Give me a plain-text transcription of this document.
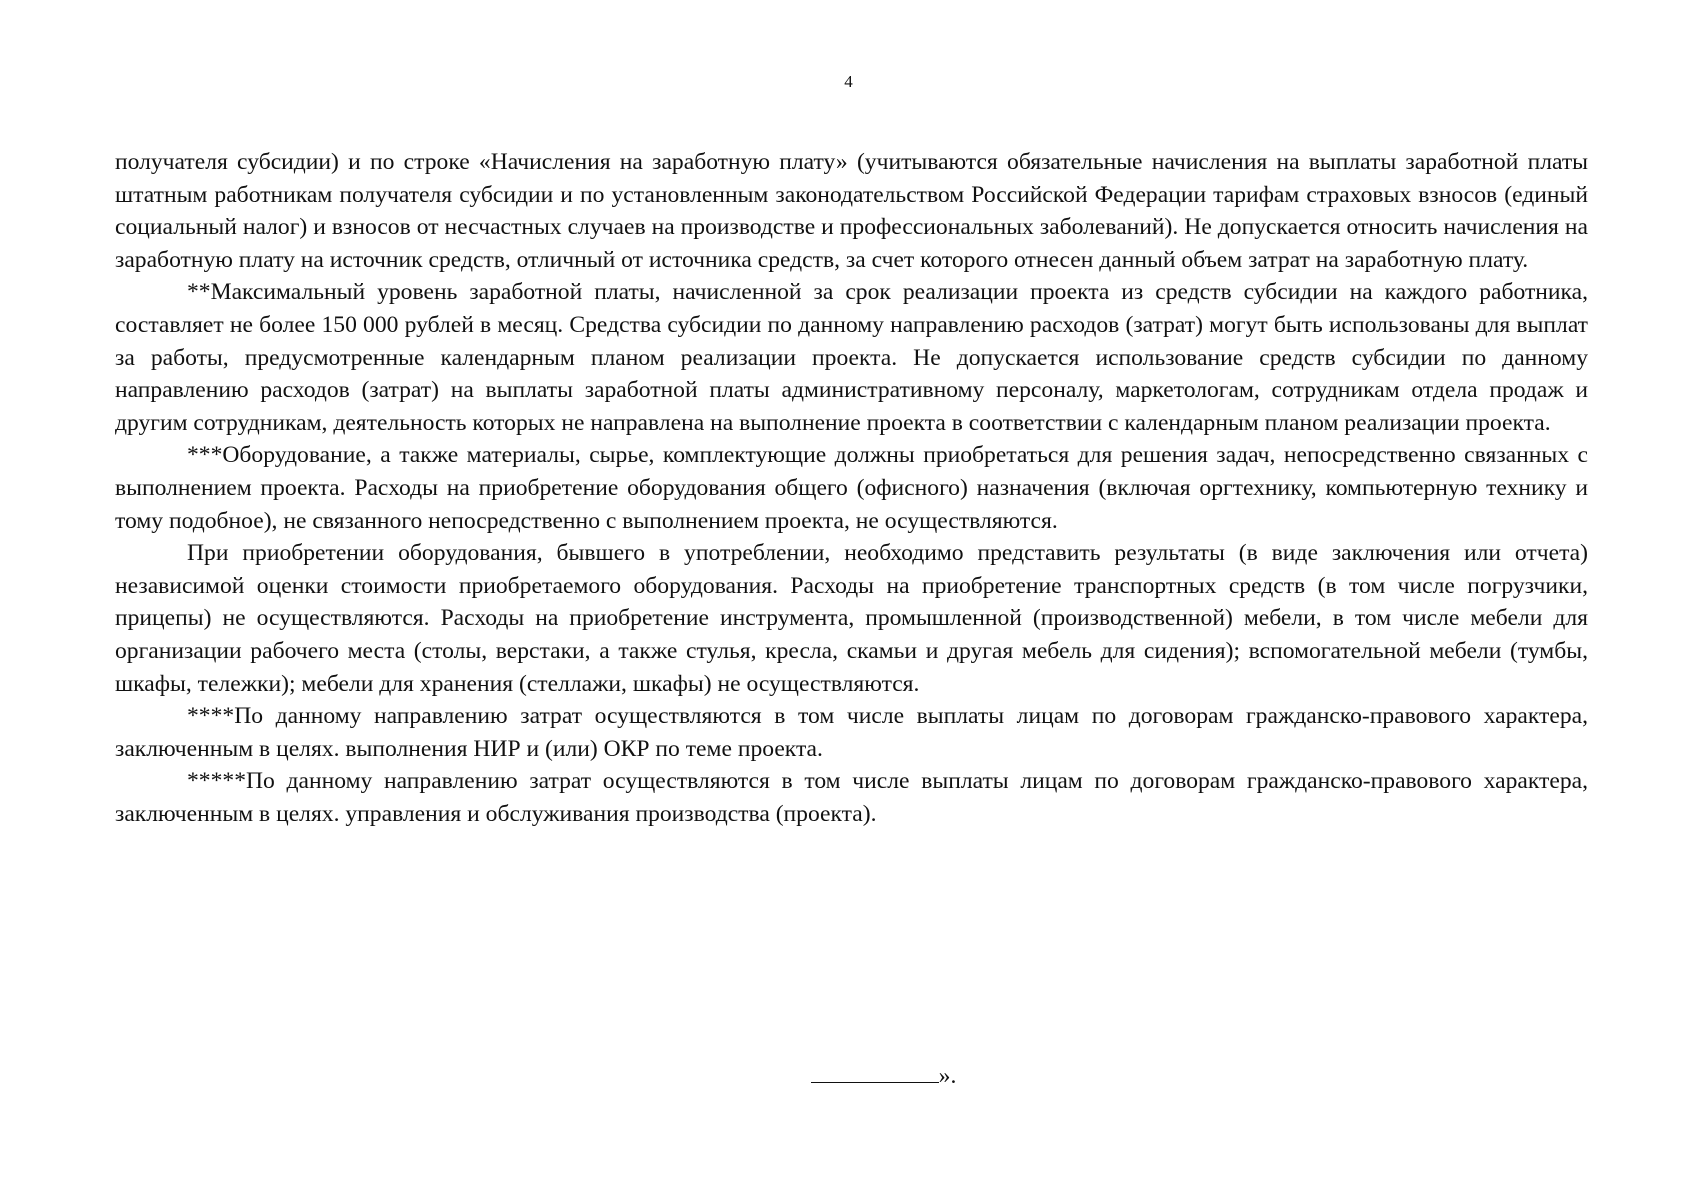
4

получателя субсидии) и по строке «Начисления на заработную плату» (учитываются обязательные начисления на выплаты заработной платы штатным работникам получателя субсидии и по установленным законодательством Российской Федерации тарифам страховых взносов (единый социальный налог) и взносов от несчастных случаев на производстве и профессиональных заболеваний). Не допускается относить начисления на заработную плату на источник средств, отличный от источника средств, за счет которого отнесен данный объем затрат на заработную плату.

**Максимальный уровень заработной платы, начисленной за срок реализации проекта из средств субсидии на каждого работника, составляет не более 150 000 рублей в месяц. Средства субсидии по данному направлению расходов (затрат) могут быть использованы для выплат за работы, предусмотренные календарным планом реализации проекта. Не допускается использование средств субсидии по данному направлению расходов (затрат) на выплаты заработной платы административному персоналу, маркетологам, сотрудникам отдела продаж и другим сотрудникам, деятельность которых не направлена на выполнение проекта в соответствии с календарным планом реализации проекта.

***Оборудование, а также материалы, сырье, комплектующие должны приобретаться для решения задач, непосредственно связанных с выполнением проекта. Расходы на приобретение оборудования общего (офисного) назначения (включая оргтехнику, компьютерную технику и тому подобное), не связанного непосредственно с выполнением проекта, не осуществляются.

При приобретении оборудования, бывшего в употреблении, необходимо представить результаты (в виде заключения или отчета) независимой оценки стоимости приобретаемого оборудования. Расходы на приобретение транспортных средств (в том числе погрузчики, прицепы) не осуществляются. Расходы на приобретение инструмента, промышленной (производственной) мебели, в том числе мебели для организации рабочего места (столы, верстаки, а также стулья, кресла, скамьи и другая мебель для сидения); вспомогательной мебели (тумбы, шкафы, тележки); мебели для хранения (стеллажи, шкафы) не осуществляются.

****По данному направлению затрат осуществляются в том числе выплаты лицам по договорам гражданско-правового характера, заключенным в целях. выполнения НИР и (или) ОКР по теме проекта.

*****По данному направлению затрат осуществляются в том числе выплаты лицам по договорам гражданско-правового характера, заключенным в целях. управления и обслуживания производства (проекта).

».
